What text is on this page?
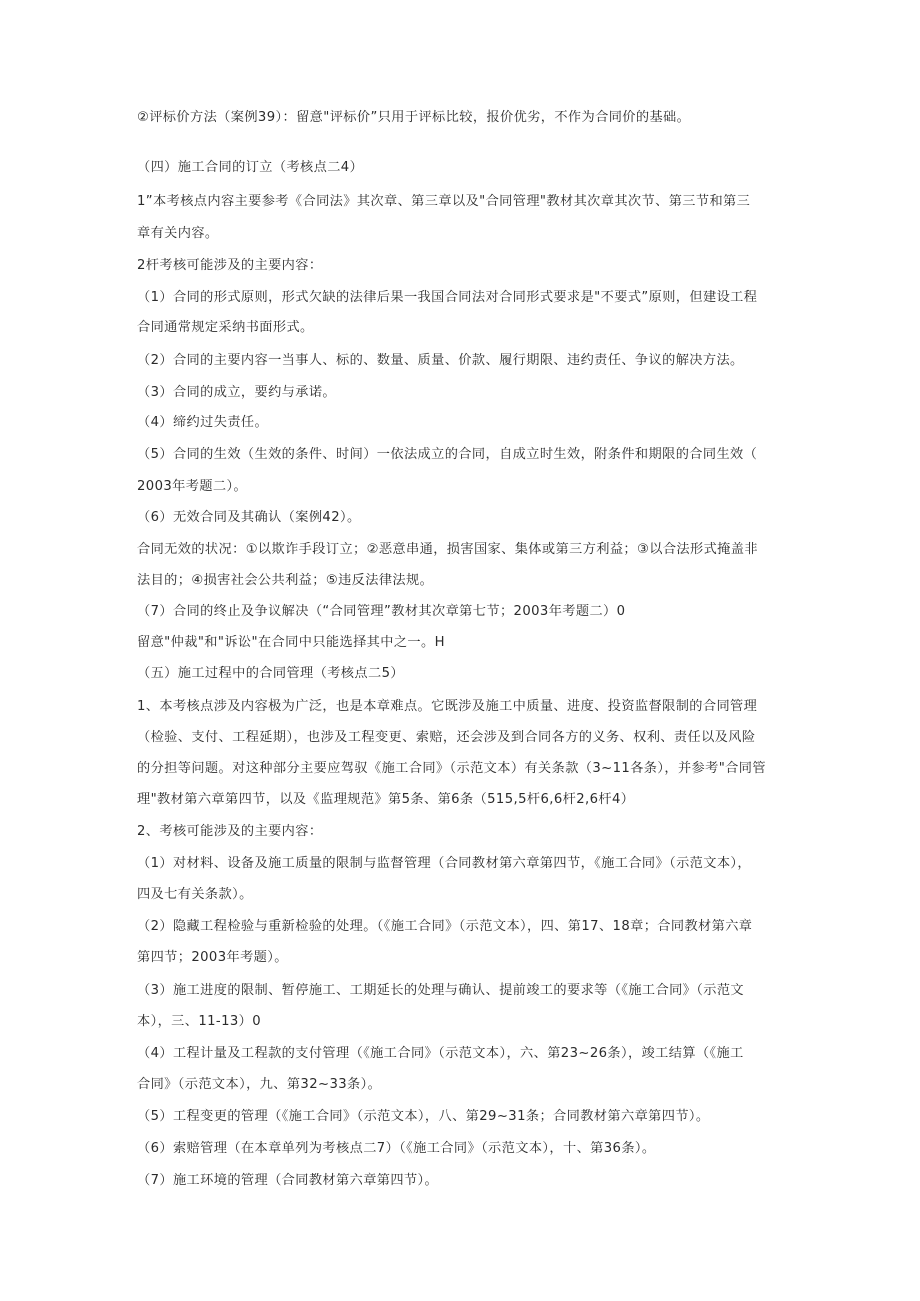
②评标价方法（案例39）：留意"评标价”只用于评标比较，报价优劣，不作为合同价的基础。
（四）施工合同的订立（考核点二4）
1”本考核点内容主要参考《合同法》其次章、第三章以及"合同管理"教材其次章其次节、第三节和第三
章有关内容。
2杆考核可能涉及的主要内容：
（1）合同的形式原则，形式欠缺的法律后果一我国合同法对合同形式要求是"不要式”原则，但建设工程
合同通常规定采纳书面形式。
（2）合同的主要内容一当事人、标的、数量、质量、价款、履行期限、违约责任、争议的解决方法。
（3）合同的成立，要约与承诺。
（4）缔约过失责任。
（5）合同的生效（生效的条件、时间）一依法成立的合同，自成立时生效，附条件和期限的合同生效（
2003年考题二）。
（6）无效合同及其确认（案例42）。
合同无效的状况：①以欺诈手段订立；②恶意串通，损害国家、集体或第三方利益；③以合法形式掩盖非
法目的；④损害社会公共利益；⑤违反法律法规。
（7）合同的终止及争议解决（“合同管理”教材其次章第七节；2003年考题二）0
留意"仲裁"和"诉讼"在合同中只能选择其中之一。H
（五）施工过程中的合同管理（考核点二5）
1、本考核点涉及内容极为广泛，也是本章难点。它既涉及施工中质量、进度、投资监督限制的合同管理
（检验、支付、工程延期），也涉及工程变更、索赔，还会涉及到合同各方的义务、权利、责任以及风险
的分担等问题。对这种部分主要应驾驭《施工合同》（示范文本）有关条款（3~11各条），并参考"合同管
理"教材第六章第四节，以及《监理规范》第5条、第6条（515,5杆6,6杆2,6杆4）
2、考核可能涉及的主要内容：
（1）对材料、设备及施工质量的限制与监督管理（合同教材第六章第四节，《施工合同》（示范文本），
四及七有关条款）。
（2）隐藏工程检验与重新检验的处理。（《施工合同》（示范文本），四、第17、18章；合同教材第六章
第四节；2003年考题）。
（3）施工进度的限制、暂停施工、工期延长的处理与确认、提前竣工的要求等（《施工合同》（示范文
本），三、11-13）0
（4）工程计量及工程款的支付管理（《施工合同》（示范文本），六、第23~26条），竣工结算（《施工
合同》（示范文本），九、第32~33条）。
（5）工程变更的管理（《施工合同》（示范文本），八、第29~31条；合同教材第六章第四节）。
（6）索赔管理（在本章单列为考核点二7）（《施工合同》（示范文本），十、第36条）。
（7）施工环境的管理（合同教材第六章第四节）。
